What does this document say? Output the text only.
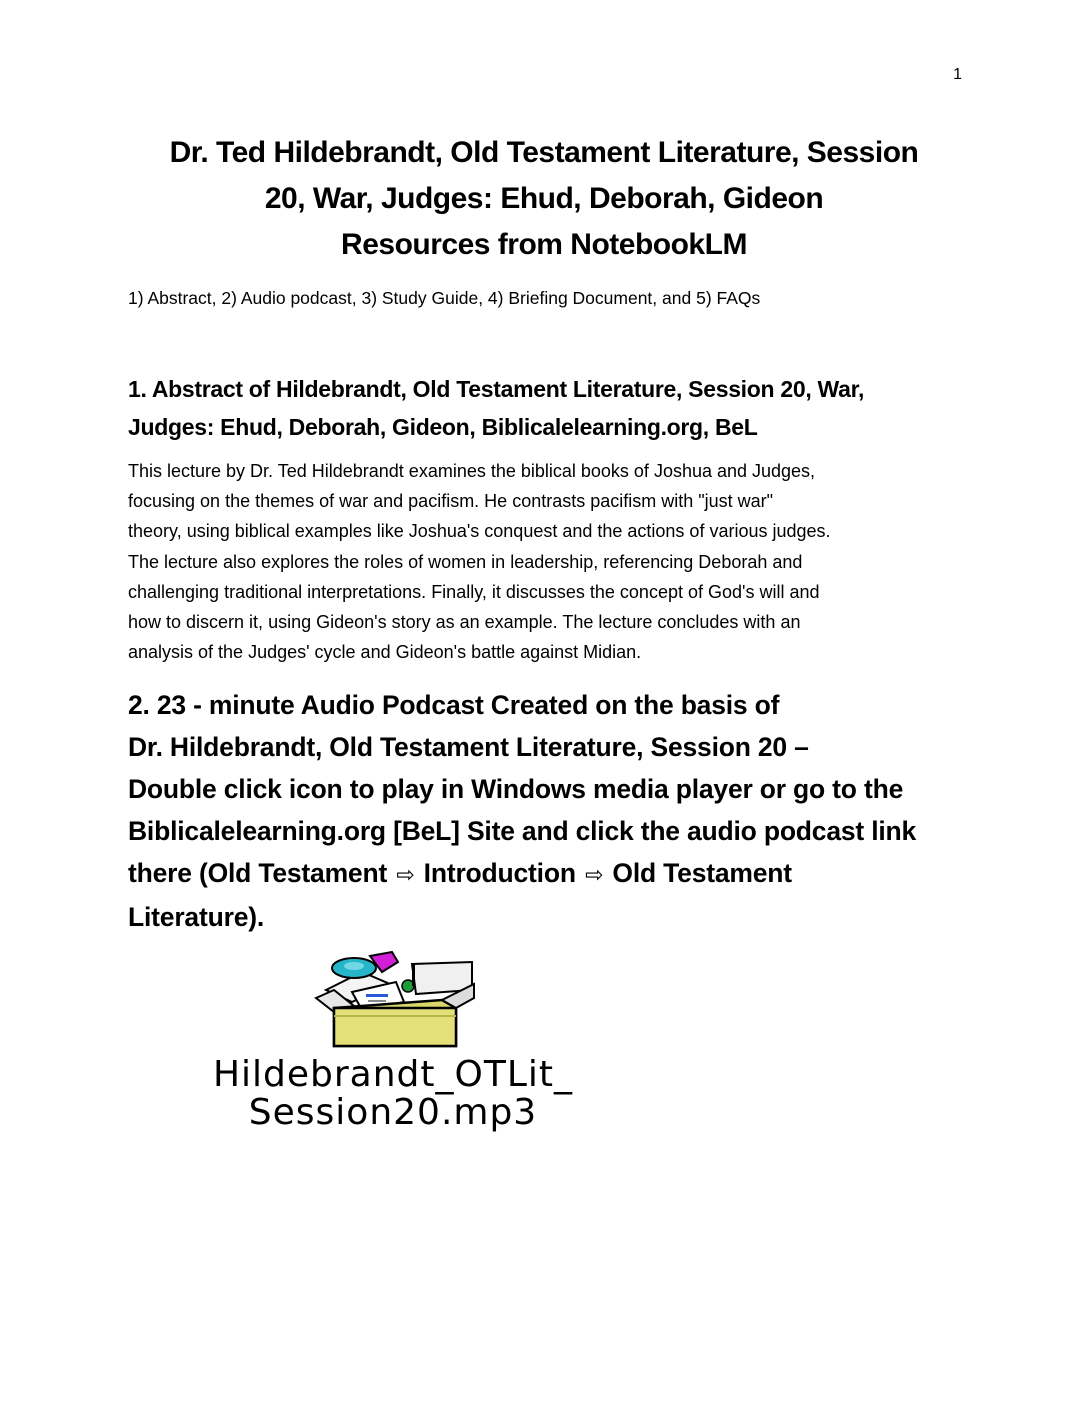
1
Dr. Ted Hildebrandt, Old Testament Literature, Session
20, War, Judges: Ehud, Deborah, Gideon
Resources from NotebookLM
1) Abstract, 2) Audio podcast, 3) Study Guide, 4) Briefing Document, and 5) FAQs
1. Abstract of Hildebrandt, Old Testament Literature, Session 20, War,
Judges: Ehud, Deborah, Gideon, Biblicalelearning.org, BeL
This lecture by Dr. Ted Hildebrandt examines the biblical books of Joshua and Judges,
focusing on the themes of war and pacifism. He contrasts pacifism with "just war"
theory, using biblical examples like Joshua's conquest and the actions of various judges.
The lecture also explores the roles of women in leadership, referencing Deborah and
challenging traditional interpretations. Finally, it discusses the concept of God's will and
how to discern it, using Gideon's story as an example. The lecture concludes with an
analysis of the Judges' cycle and Gideon's battle against Midian.
2. 23 - minute Audio Podcast Created on the basis of
Dr. Hildebrandt, Old Testament Literature, Session 20 –
Double click icon to play in Windows media player or go to the
Biblicalelearning.org [BeL] Site and click the audio podcast link
there (Old Testament ⇨ Introduction ⇨ Old Testament
Literature).
Hildebrandt_OTLit_
Session20.mp3
